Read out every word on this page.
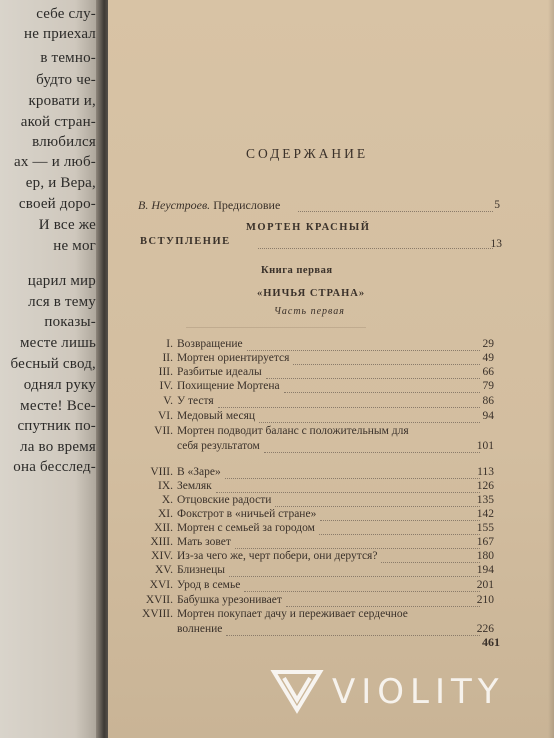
себе слу-
не приехал
в темно-
будто че-
кровати и,
акой стран-
влюбился
ах — и люб-
ер, и Вера,
своей доро-
И все же
не мог
царил мир
лся в тему
показы-
месте лишь
бесный свод,
однял руку
месте! Все-
спутник по-
ла во время
она бесслед-
СОДЕРЖАНИЕ
В. Неустроев. Предисловие	5
МОРТЕН КРАСНЫЙ
ВСТУПЛЕНИЕ	13
Книга первая
«НИЧЬЯ СТРАНА»
Часть первая
I. Возвращение	29
II. Мортен ориентируется	49
III. Разбитые идеалы	66
IV. Похищение Мортена	79
V. У тестя	86
VI. Медовый месяц	94
VII. Мортен подводит баланс с положительным для
себя результатом	101
VIII. В «Заре»	113
IX. Земляк	126
X. Отцовские радости	135
XI. Фокстрот в «ничьей стране»	142
XII. Мортен с семьей за городом	155
XIII. Мать зовет	167
XIV. Из-за чего же, черт побери, они дерутся?	180
XV. Близнецы	194
XVI. Урод в семье	201
XVII. Бабушка урезонивает	210
XVIII. Мортен покупает дачу и переживает сердечное
волнение	226
461
VIOLITY
